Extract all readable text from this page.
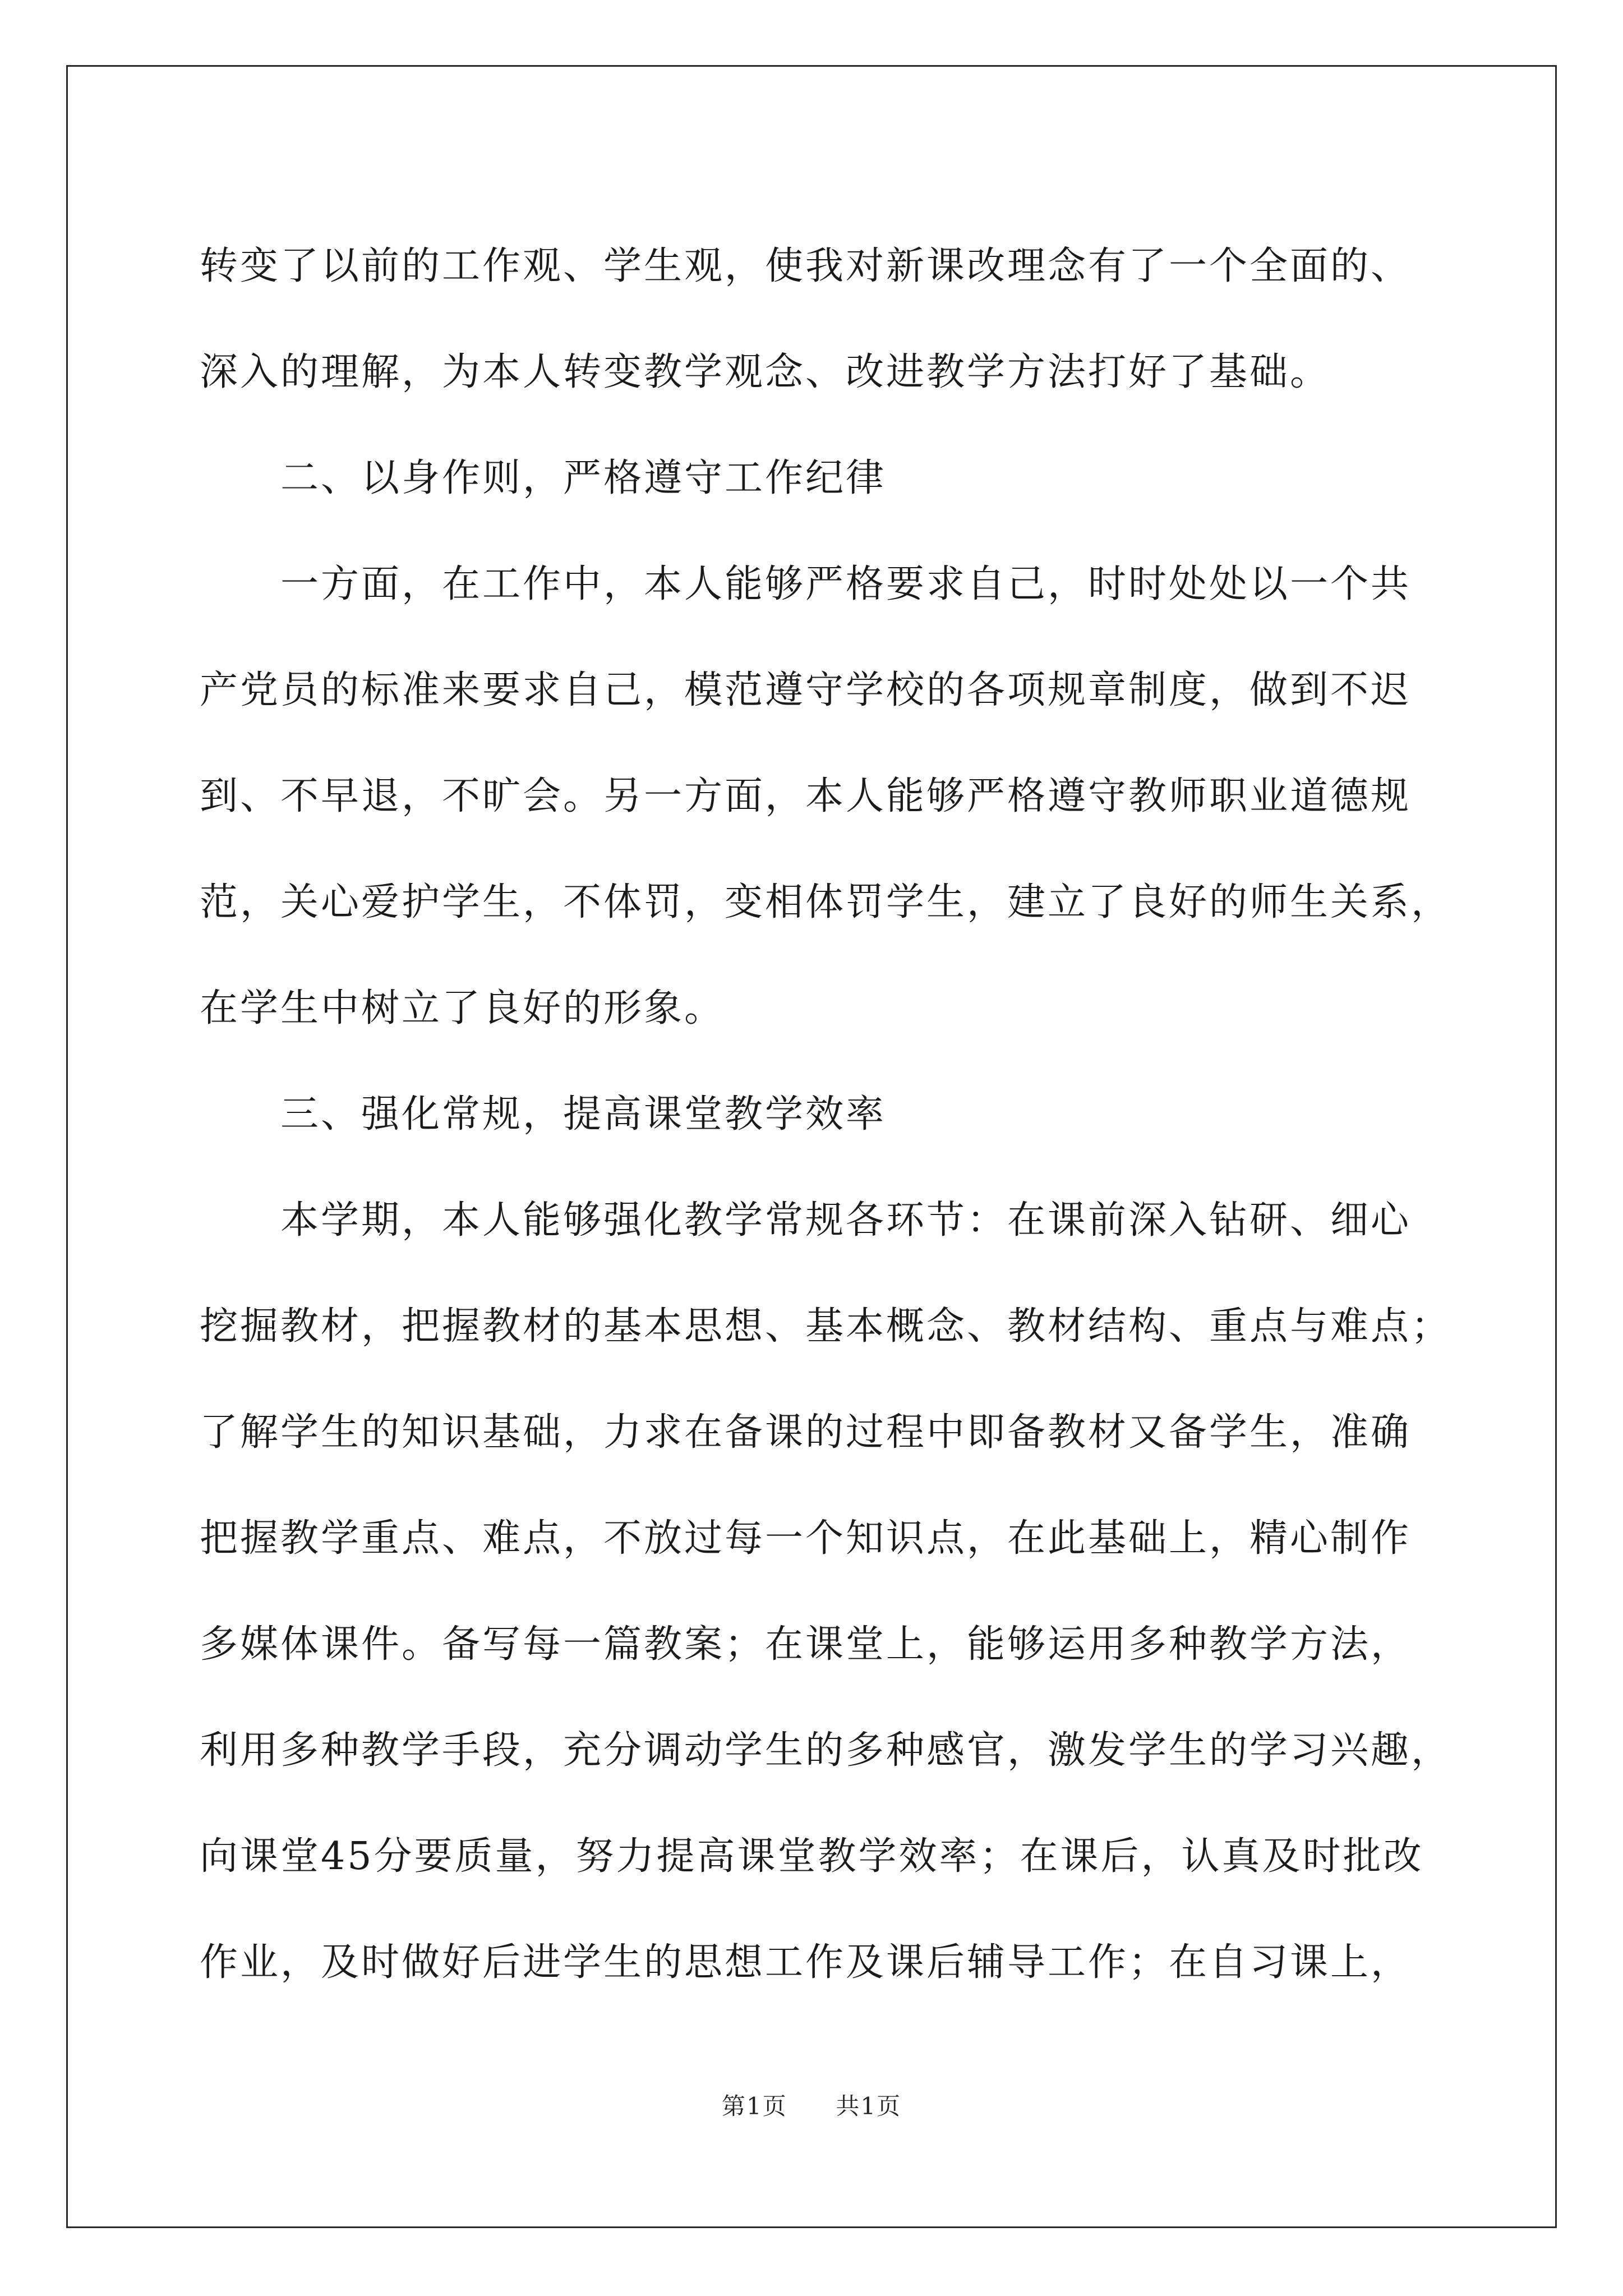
转变了以前的工作观、学生观，使我对新课改理念有了一个全面的、
深入的理解，为本人转变教学观念、改进教学方法打好了基础。
二、以身作则，严格遵守工作纪律
一方面，在工作中，本人能够严格要求自己，时时处处以一个共
产党员的标准来要求自己，模范遵守学校的各项规章制度，做到不迟
到、不早退，不旷会。另一方面，本人能够严格遵守教师职业道德规
范，关心爱护学生，不体罚，变相体罚学生，建立了良好的师生关系，
在学生中树立了良好的形象。
三、强化常规，提高课堂教学效率
本学期，本人能够强化教学常规各环节：在课前深入钻研、细心
挖掘教材，把握教材的基本思想、基本概念、教材结构、重点与难点；
了解学生的知识基础，力求在备课的过程中即备教材又备学生，准确
把握教学重点、难点，不放过每一个知识点，在此基础上，精心制作
多媒体课件。备写每一篇教案；在课堂上，能够运用多种教学方法，
利用多种教学手段，充分调动学生的多种感官，激发学生的学习兴趣，
向课堂45分要质量，努力提高课堂教学效率；在课后，认真及时批改
作业，及时做好后进学生的思想工作及课后辅导工作；在自习课上，
第1页 共1页
